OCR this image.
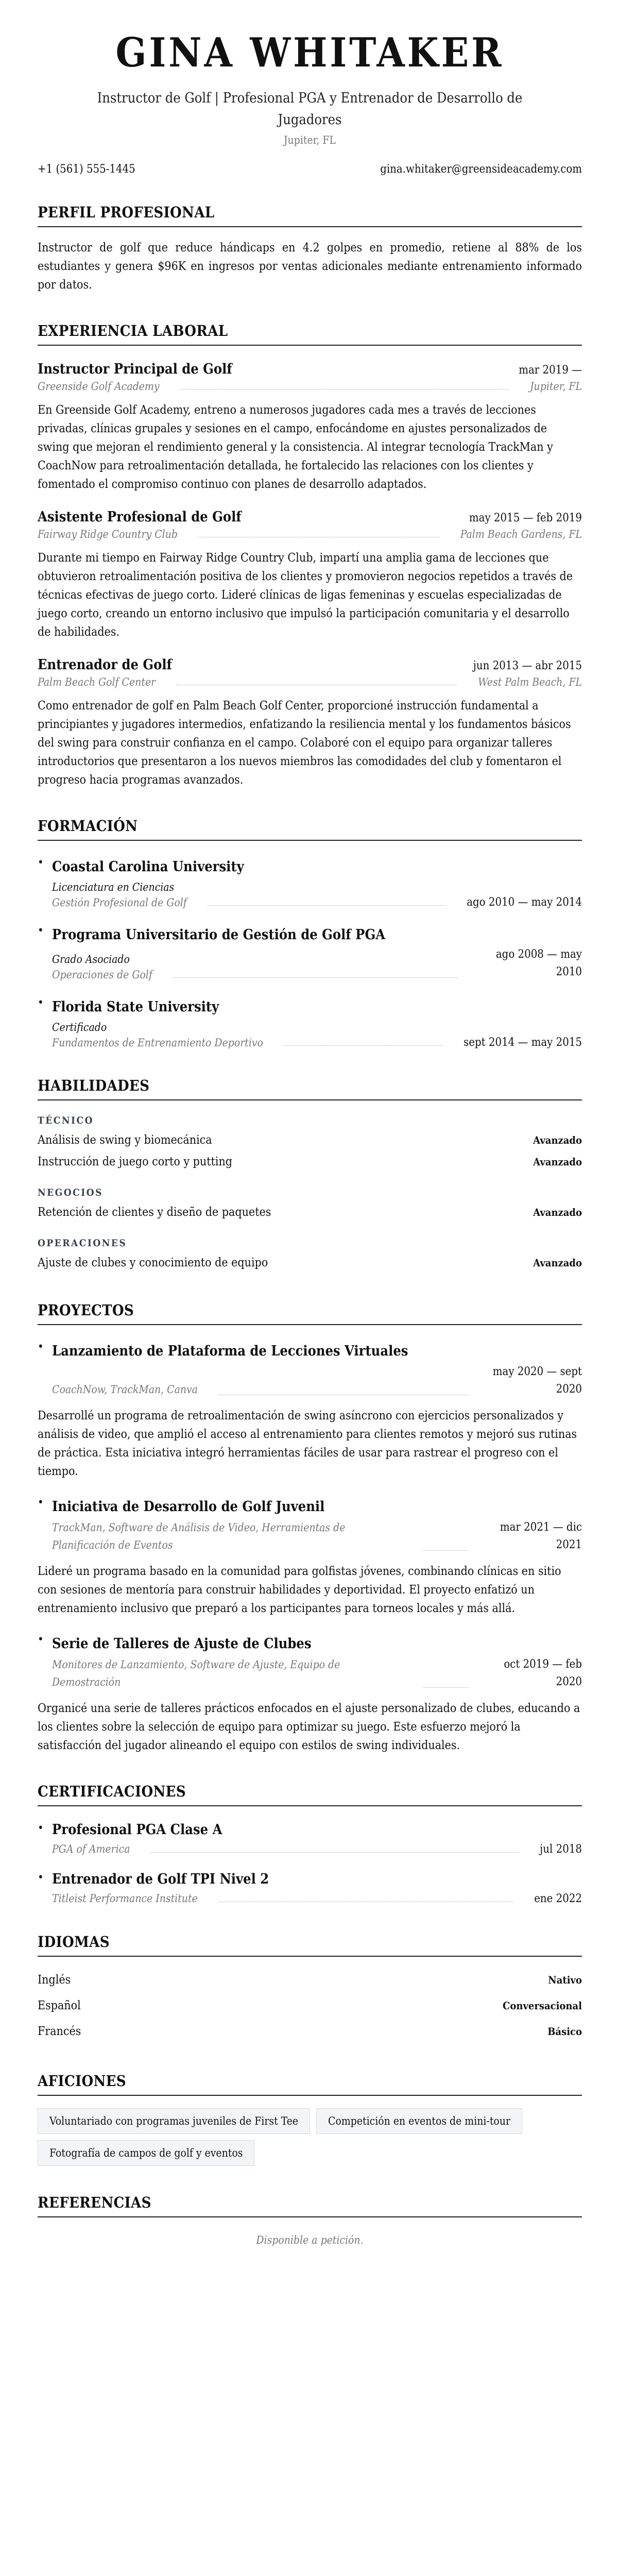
GINA WHITAKER
Instructor de Golf | Profesional PGA y Entrenador de Desarrollo de Jugadores
Jupiter, FL
+1 (561) 555-1445	gina.whitaker@greensideacademy.com
PERFIL PROFESIONAL

Instructor de golf que reduce hándicaps en 4.2 golpes en promedio, retiene al 88% de los estudiantes y genera $96K en ingresos por ventas adicionales mediante entrenamiento informado por datos.

EXPERIENCIA LABORAL
Instructor Principal de Golf	mar 2019 —
Greenside Golf Academy	Jupiter, FL

En Greenside Golf Academy, entreno a numerosos jugadores cada mes a través de lecciones privadas, clínicas grupales y sesiones en el campo, enfocándome en ajustes personalizados de swing que mejoran el rendimiento general y la consistencia. Al integrar tecnología TrackMan y CoachNow para retroalimentación detallada, he fortalecido las relaciones con los clientes y fomentado el compromiso continuo con planes de desarrollo adaptados.

Asistente Profesional de Golf	may 2015 — feb 2019
Fairway Ridge Country Club	Palm Beach Gardens, FL

Durante mi tiempo en Fairway Ridge Country Club, impartí una amplia gama de lecciones que obtuvieron retroalimentación positiva de los clientes y promovieron negocios repetidos a través de técnicas efectivas de juego corto. Lideré clínicas de ligas femeninas y escuelas especializadas de juego corto, creando un entorno inclusivo que impulsó la participación comunitaria y el desarrollo de habilidades.

Entrenador de Golf	jun 2013 — abr 2015
Palm Beach Golf Center	West Palm Beach, FL

Como entrenador de golf en Palm Beach Golf Center, proporcioné instrucción fundamental a principiantes y jugadores intermedios, enfatizando la resiliencia mental y los fundamentos básicos del swing para construir confianza en el campo. Colaboré con el equipo para organizar talleres introductorios que presentaron a los nuevos miembros las comodidades del club y fomentaron el progreso hacia programas avanzados.

FORMACIÓN
• Coastal Carolina University
Licenciatura en Ciencias
Gestión Profesional de Golf	ago 2010 — may 2014
• Programa Universitario de Gestión de Golf PGA
Grado Asociado
Operaciones de Golf
ago 2008 — may 2010
• Florida State University
Certificado
Fundamentos de Entrenamiento Deportivo	sept 2014 — may 2015
HABILIDADES
TÉCNICO
Análisis de swing y biomecánica	Avanzado
Instrucción de juego corto y putting	Avanzado
NEGOCIOS
Retención de clientes y diseño de paquetes	Avanzado
OPERACIONES
Ajuste de clubes y conocimiento de equipo	Avanzado
PROYECTOS
• Lanzamiento de Plataforma de Lecciones Virtuales
CoachNow, TrackMan, Canva
may 2020 — sept 2020

Desarrollé un programa de retroalimentación de swing asíncrono con ejercicios personalizados y análisis de video, que amplió el acceso al entrenamiento para clientes remotos y mejoró sus rutinas de práctica. Esta iniciativa integró herramientas fáciles de usar para rastrear el progreso con el tiempo.

• Iniciativa de Desarrollo de Golf Juvenil
TrackMan, Software de Análisis de Video, Herramientas de Planificación de Eventos
mar 2021 — dic 2021

Lideré un programa basado en la comunidad para golfistas jóvenes, combinando clínicas en sitio con sesiones de mentoría para construir habilidades y deportividad. El proyecto enfatizó un entrenamiento inclusivo que preparó a los participantes para torneos locales y más allá.

• Serie de Talleres de Ajuste de Clubes
Monitores de Lanzamiento, Software de Ajuste, Equipo de Demostración
oct 2019 — feb 2020

Organicé una serie de talleres prácticos enfocados en el ajuste personalizado de clubes, educando a los clientes sobre la selección de equipo para optimizar su juego. Este esfuerzo mejoró la satisfacción del jugador alineando el equipo con estilos de swing individuales.

CERTIFICACIONES
• Profesional PGA Clase A
PGA of America	jul 2018
• Entrenador de Golf TPI Nivel 2
Titleist Performance Institute	ene 2022
IDIOMAS
Inglés	Nativo
Español	Conversacional
Francés	Básico
AFICIONES
Voluntariado con programas juveniles de First Tee	Competición en eventos de mini-tour
Fotografía de campos de golf y eventos
REFERENCIAS
Disponible a petición.
